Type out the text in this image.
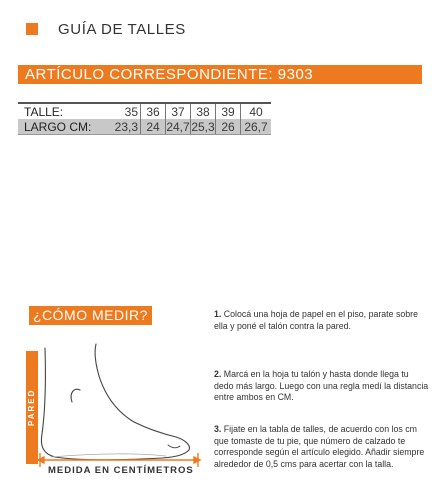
GUÍA DE TALLES
ARTÍCULO CORRESPONDIENTE: 9303
TALLE:	35	36	37	38	39	40
LARGO CM:	23,3	24	24,7	25,3	26	26,7
¿CÓMO MEDIR?
PARED
MEDIDA EN CENTÍMETROS
1. Colocá una hoja de papel en el piso, parate sobre ella y poné el talón contra la pared.
2. Marcá en la hoja tu talón y hasta donde llega tu dedo más largo. Luego con una regla medí la distancia entre ambos en CM.
3. Fijate en la tabla de talles, de acuerdo con los cm que tomaste de tu pie, que número de calzado te corresponde según el artículo elegido. Añadir siempre alrededor de 0,5 cms para acertar con la talla.
